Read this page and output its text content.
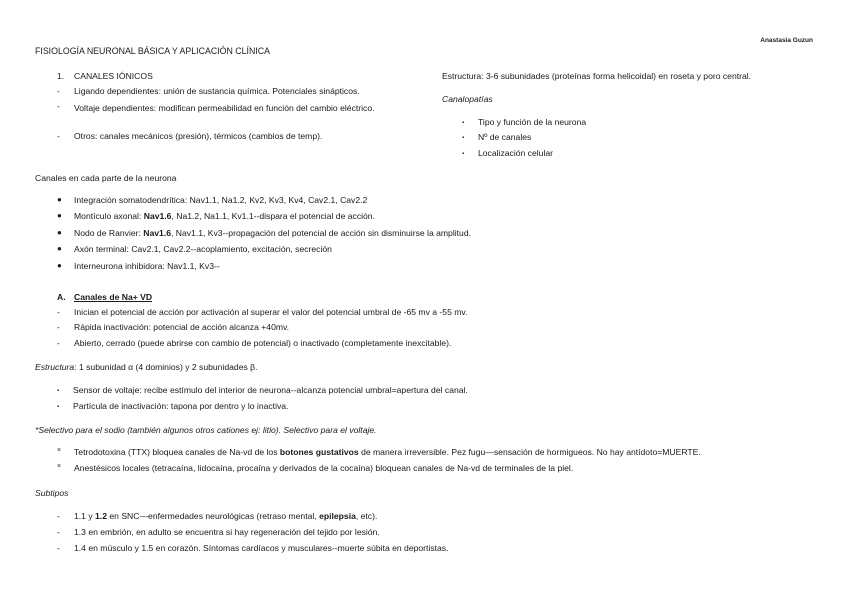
Anastasia Guzun
FISIOLOGÍA NEURONAL BÁSICA Y APLICACIÓN CLÍNICA
1.	CANALES IÓNICOS
-	Ligando dependientes: unión de sustancia química. Potenciales sinápticos.
-	Voltaje dependientes: modifican permeabilidad en función del cambio eléctrico.
-	Otros: canales mecánicos (presión), térmicos (cambios de temp).
Estructura: 3-6 subunidades (proteínas forma helicoidal) en roseta y poro central.
Canalopatías
▪	Tipo y función de la neurona
▪	Nº de canales
▪	Localización celular
Canales en cada parte de la neurona
● Integración somatodendrítica: Nav1.1, Na1.2, Kv2, Kv3, Kv4, Cav2.1, Cav2.2
● Montículo axonal: Nav1.6, Na1.2, Na1.1, Kv1.1--dispara el potencial de acción.
● Nodo de Ranvier: Nav1.6, Nav1.1, Kv3--propagación del potencial de acción sin disminuirse la amplitud.
● Axón terminal: Cav2.1, Cav2.2--acoplamiento, excitación, secreción
● Interneurona inhibidora: Nav1.1, Kv3--
A. Canales de Na+ VD
-	Inician el potencial de acción por activación al superar el valor del potencial umbral de -65 mv a -55 mv.
-	Rápida inactivación: potencial de acción alcanza +40mv.
-	Abierto, cerrado (puede abrirse con cambio de potencial) o inactivado (completamente inexcitable).
Estructura: 1 subunidad α (4 dominios) y 2 subunidades β.
▪	Sensor de voltaje: recibe estímulo del interior de neurona--alcanza potencial umbral=apertura del canal.
▪	Partícula de inactivación: tapona por dentro y lo inactiva.
*Selectivo para el sodio (también algunos otros cationes ej: litio). Selectivo para el voltaje.
×	Tetrodotoxina (TTX) bloquea canales de Na-vd de los botones gustativos de manera irreversible. Pez fugu—sensación de hormigueos. No hay antídoto=MUERTE.
×	Anestésicos locales (tetracaína, lidocaína, procaína y derivados de la cocaína) bloquean canales de Na-vd de terminales de la piel.
Subtipos
-	1.1 y 1.2 en SNC—enfermedades neurológicas (retraso mental, epilepsia, etc).
-	1.3 en embrión, en adulto se encuentra si hay regeneración del tejido por lesión.
-	1.4 en músculo y 1.5 en corazón. Síntomas cardíacos y musculares--muerte súbita en deportistas.
